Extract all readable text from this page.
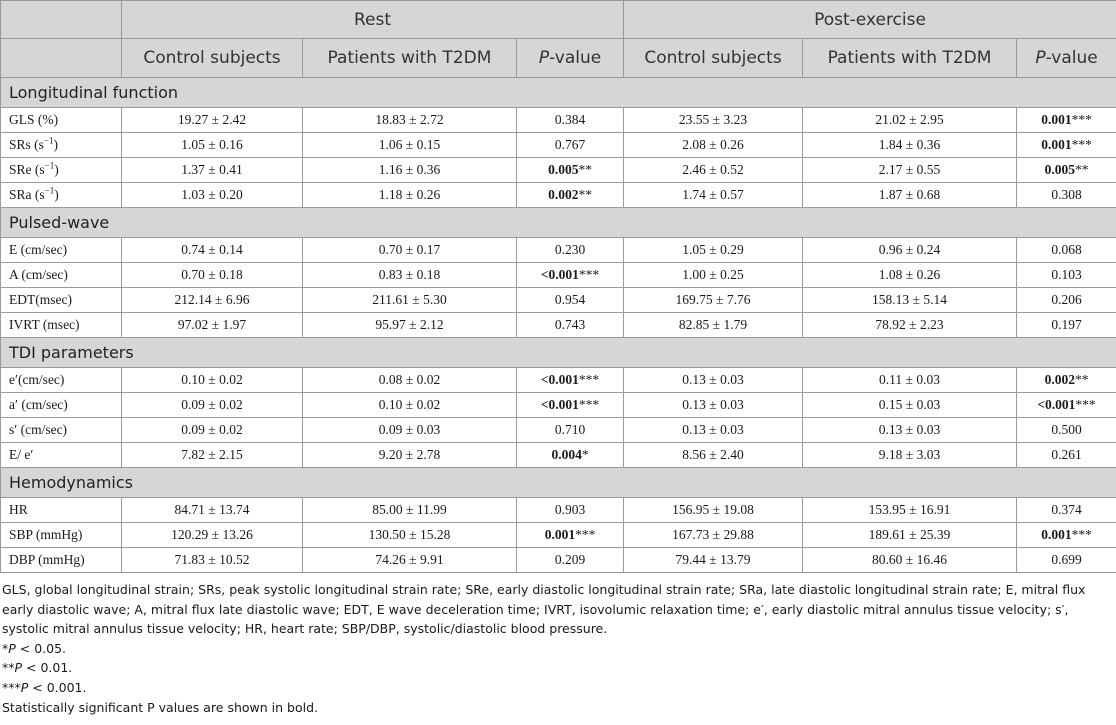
	Rest			Post-exercise		
	Control subjects	Patients with T2DM	P-value	Control subjects	Patients with T2DM	P-value
Longitudinal function						
GLS (%)	19.27 ± 2.42	18.83 ± 2.72	0.384	23.55 ± 3.23	21.02 ± 2.95	0.001***
SRs $(s^{-1})$	1.05 ± 0.16	1.06 ± 0.15	0.767	2.08 ± 0.26	1.84 ± 0.36	0.001***
SRe $(s^{-1})$	1.37 ± 0.41	1.16 ± 0.36	0.005**	2.46 ± 0.52	2.17 ± 0.55	0.005**
SRa $(s^{-1})$	1.03 ± 0.20	1.18 ± 0.26	0.002**	1.74 ± 0.57	1.87 ± 0.68	0.308
Pulsed-wave						
E (cm/sec)	0.74 ± 0.14	0.70 ± 0.17	0.230	1.05 ± 0.29	0.96 ± 0.24	0.068
A (cm/sec)	0.70 ± 0.18	0.83 ± 0.18	<0.001***	1.00 ± 0.25	1.08 ± 0.26	0.103
EDT(msec)	212.14 ± 6.96	211.61 ± 5.30	0.954	169.75 ± 7.76	158.13 ± 5.14	0.206
IVRT (msec)	97.02 ± 1.97	95.97 ± 2.12	0.743	82.85 ± 1.79	78.92 ± 2.23	0.197
TDI parameters						
e′(cm/sec)	0.10 ± 0.02	0.08 ± 0.02	<0.001***	0.13 ± 0.03	0.11 ± 0.03	0.002**
a′ (cm/sec)	0.09 ± 0.02	0.10 ± 0.02	<0.001***	0.13 ± 0.03	0.15 ± 0.03	<0.001***
s′ (cm/sec)	0.09 ± 0.02	0.09 ± 0.03	0.710	0.13 ± 0.03	0.13 ± 0.03	0.500
E/ e′	7.82 ± 2.15	9.20 ± 2.78	0.004*	8.56 ± 2.40	9.18 ± 3.03	0.261
Hemodynamics						
HR	84.71 ± 13.74	85.00 ± 11.99	0.903	156.95 ± 19.08	153.95 ± 16.91	0.374
SBP (mmHg)	120.29 ± 13.26	130.50 ± 15.28	0.001***	167.73 ± 29.88	189.61 ± 25.39	0.001***
DBP (mmHg)	71.83 ± 10.52	74.26 ± 9.91	0.209	79.44 ± 13.79	80.60 ± 16.46	0.699
GLS, global longitudinal strain; SRs, peak systolic longitudinal strain rate; SRe, early diastolic longitudinal strain rate; SRa, late diastolic longitudinal strain rate; E, mitral flux early diastolic wave; A, mitral flux late diastolic wave; EDT, E wave deceleration time; IVRT, isovolumic relaxation time; e′, early diastolic mitral annulus tissue velocity; s′, systolic mitral annulus tissue velocity; HR, heart rate; SBP/DBP, systolic/diastolic blood pressure.
*P < 0.05.
**P < 0.01.
***P < 0.001.
Statistically significant P values are shown in bold.
